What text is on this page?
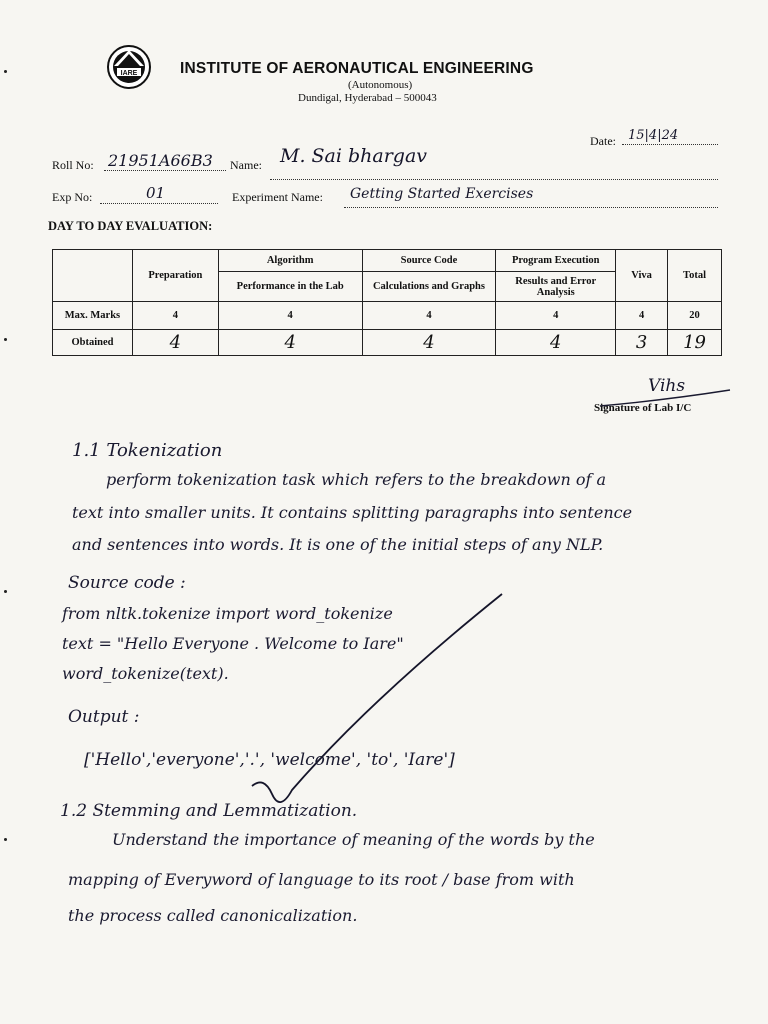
IARE	INSTITUTE OF AERONAUTICAL ENGINEERING
(Autonomous)
Dundigal, Hyderabad – 500043
Date: 15|4|24
Roll No: 21951A66B3 Name: M. Sai bhargav
Exp No:	01	Experiment Name: Getting Started Exercises
DAY TO DAY EVALUATION:
	Preparation	Algorithm	Source Code	Program Execution	Viva	Total
		Performance in the Lab	Calculations and Graphs	Results and Error Analysis		
Max. Marks	4	4	4	4	4	20
Obtained	4	4	4	4	3	19
Vihs
Signature of Lab I/C
1.1 Tokenization
perform tokenization task which refers to the breakdown of a
text into smaller units. It contains splitting paragraphs into sentence
and sentences into words. It is one of the initial steps of any NLP.
Source code :
from nltk.tokenize import word_tokenize
text = "Hello Everyone . Welcome to Iare"
word_tokenize(text).
Output :
['Hello','everyone','.', 'welcome', 'to', 'Iare']
1.2 Stemming and Lemmatization.
Understand the importance of meaning of the words by the
mapping of Everyword of language to its root / base from with
the process called canonicalization.
